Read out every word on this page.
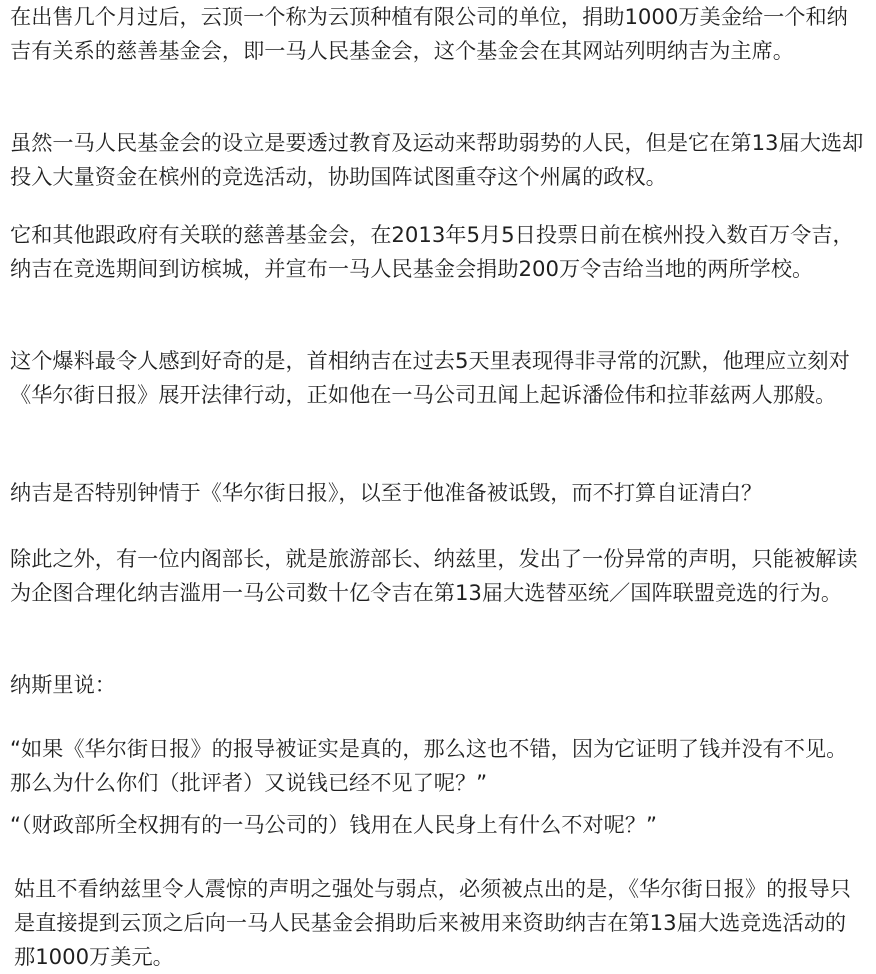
在出售几个月过后，云顶一个称为云顶种植有限公司的单位，捐助1000万美金给一个和纳吉有关系的慈善基金会，即一马人民基金会，这个基金会在其网站列明纳吉为主席。

虽然一马人民基金会的设立是要透过教育及运动来帮助弱势的人民，但是它在第13届大选却投入大量资金在槟州的竞选活动，协助国阵试图重夺这个州属的政权。

它和其他跟政府有关联的慈善基金会，在2013年5月5日投票日前在槟州投入数百万令吉，纳吉在竞选期间到访槟城，并宣布一马人民基金会捐助200万令吉给当地的两所学校。

这个爆料最令人感到好奇的是，首相纳吉在过去5天里表现得非寻常的沉默，他理应立刻对《华尔街日报》展开法律行动，正如他在一马公司丑闻上起诉潘俭伟和拉菲兹两人那般。

纳吉是否特别钟情于《华尔街日报》，以至于他准备被诋毁，而不打算自证清白？

除此之外，有一位内阁部长，就是旅游部长、纳兹里，发出了一份异常的声明，只能被解读为企图合理化纳吉滥用一马公司数十亿令吉在第13届大选替巫统／国阵联盟竞选的行为。

纳斯里说：

“如果《华尔街日报》的报导被证实是真的，那么这也不错，因为它证明了钱并没有不见。那么为什么你们（批评者）又说钱已经不见了呢？”

“（财政部所全权拥有的一马公司的）钱用在人民身上有什么不对呢？”

姑且不看纳兹里令人震惊的声明之强处与弱点，必须被点出的是，《华尔街日报》的报导只是直接提到云顶之后向一马人民基金会捐助后来被用来资助纳吉在第13届大选竞选活动的那1000万美元。
